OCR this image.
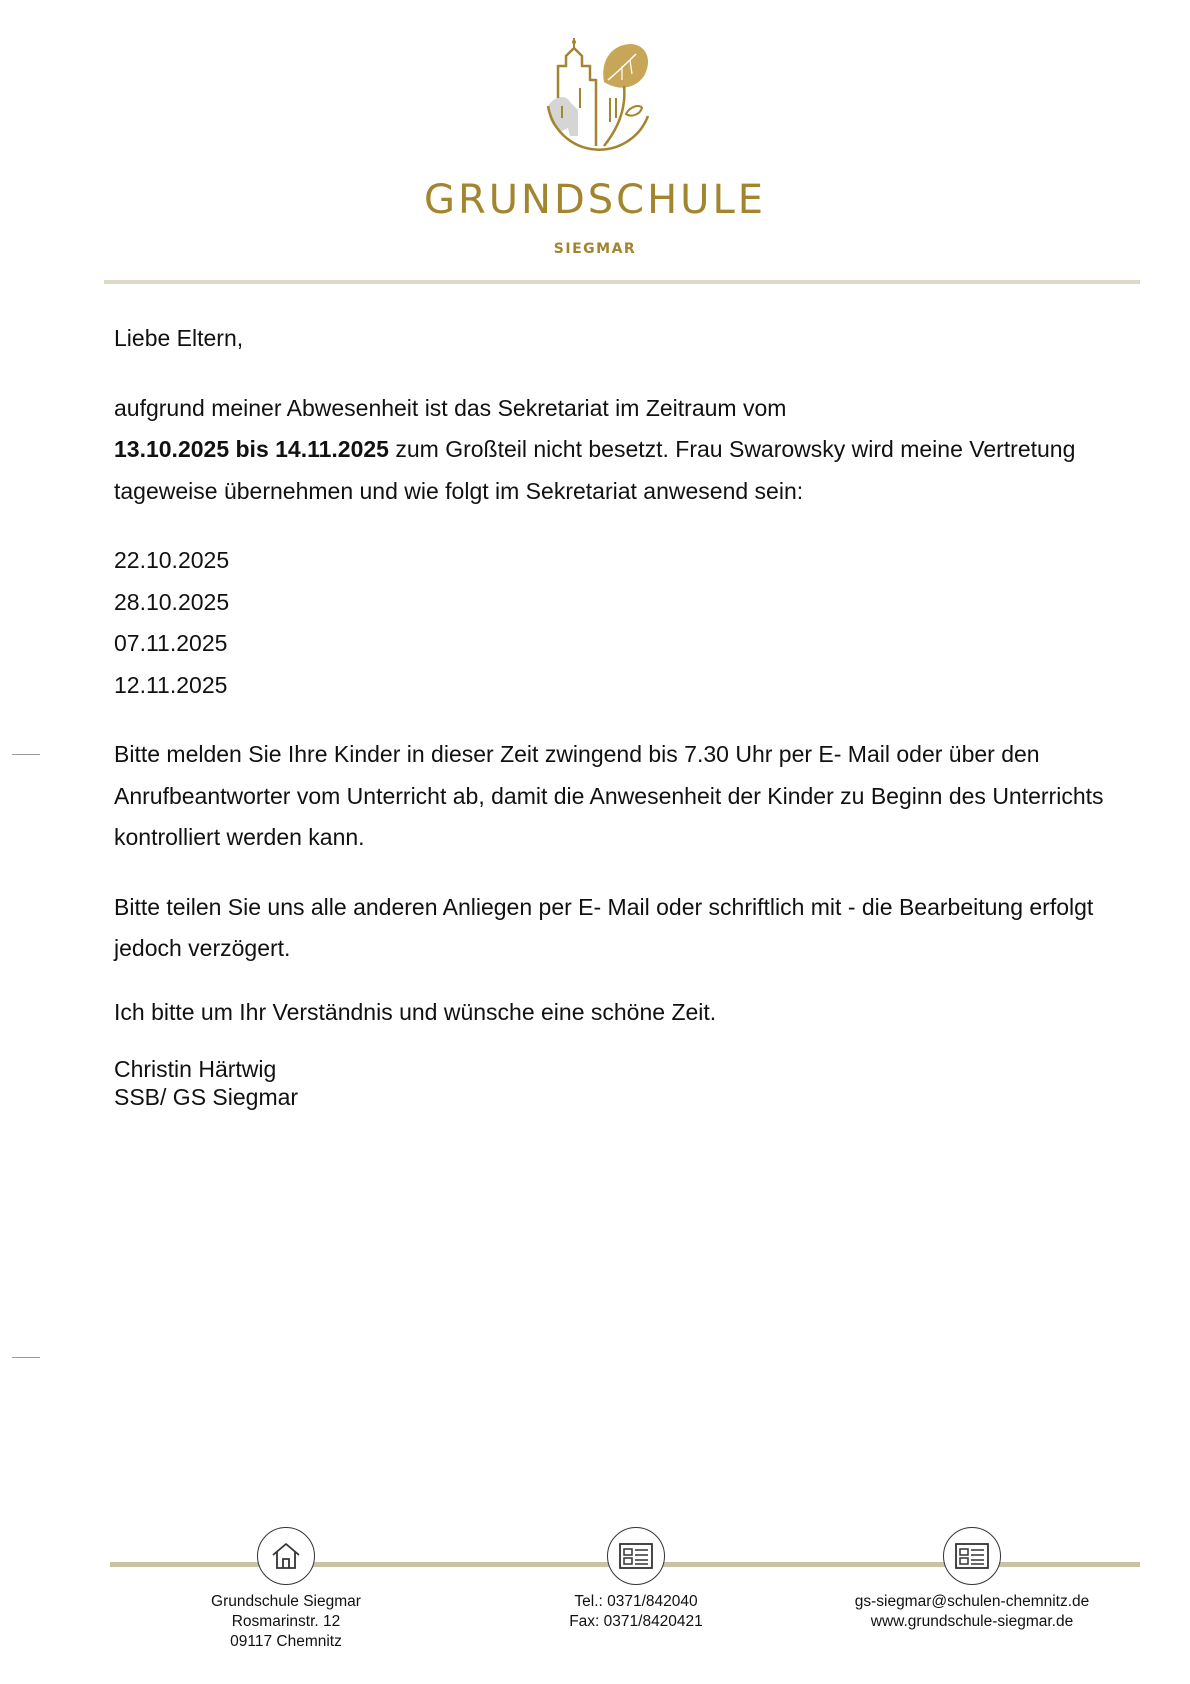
GRUNDSCHULE
SIEGMAR

Liebe Eltern,

aufgrund meiner Abwesenheit ist das Sekretariat im Zeitraum vom
13.10.2025 bis 14.11.2025 zum Großteil nicht besetzt. Frau Swarowsky wird meine Vertretung tageweise übernehmen und wie folgt im Sekretariat anwesend sein:

22.10.2025
28.10.2025
07.11.2025
12.11.2025

Bitte melden Sie Ihre Kinder in dieser Zeit zwingend bis 7.30 Uhr per E- Mail oder über den Anrufbeantworter vom Unterricht ab, damit die Anwesenheit der Kinder zu Beginn des Unterrichts kontrolliert werden kann.

Bitte teilen Sie uns alle anderen Anliegen per E- Mail oder schriftlich mit - die Bearbeitung erfolgt jedoch verzögert.

Ich bitte um Ihr Verständnis und wünsche eine schöne Zeit.

Christin Härtwig
SSB/ GS Siegmar
Grundschule Siegmar
Rosmarinstr. 12
09117 Chemnitz
Tel.: 0371/842040
Fax: 0371/8420421
gs-siegmar@schulen-chemnitz.de
www.grundschule-siegmar.de
